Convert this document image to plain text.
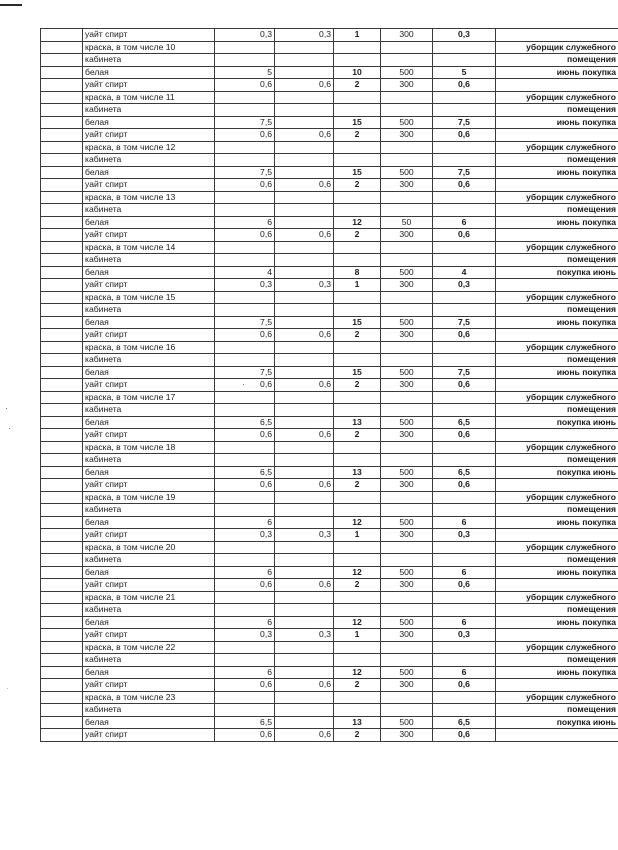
	уайт спирт	0,3	0,3	1	300	0,3	
	краска, в том числе 10						уборщик служебного
	кабинета						помещения
	белая	5		10	500	5	июнь покупка
	уайт спирт	0,6	0,6	2	300	0,6	
	краска, в том числе 11						уборщик служебного
	кабинета						помещения
	белая	7,5		15	500	7,5	июнь покупка
	уайт спирт	0,6	0,6	2	300	0,6	
	краска, в том числе 12						уборщик служебного
	кабинета						помещения
	белая	7,5		15	500	7,5	июнь покупка
	уайт спирт	0,6	0,6	2	300	0,6	
	краска, в том числе 13						уборщик служебного
	кабинета						помещения
	белая	6		12	50	6	июнь покупка
	уайт спирт	0,6	0,6	2	300	0,6	
	краска, в том числе 14						уборщик служебного
	кабинета						помещения
	белая	4		8	500	4	покупка июнь
	уайт спирт	0,3	0,3	1	300	0,3	
	краска, в том числе 15						уборщик служебного
	кабинета						помещения
	белая	7,5		15	500	7,5	июнь покупка
	уайт спирт	0,6	0,6	2	300	0,6	
	краска, в том числе 16						уборщик служебного
	кабинета						помещения
	белая	7,5		15	500	7,5	июнь покупка
	уайт спирт	0,6	0,6	2	300	0,6	
	краска, в том числе 17						уборщик служебного
	кабинета						помещения
	белая	6,5		13	500	6,5	покупка июнь
	уайт спирт	0,6	0,6	2	300	0,6	
	краска, в том числе 18						уборщик служебного
	кабинета						помещения
	белая	6,5		13	500	6,5	покупка июнь
	уайт спирт	0,6	0,6	2	300	0,6	
	краска, в том числе 19						уборщик служебного
	кабинета						помещения
	белая	6		12	500	6	июнь покупка
	уайт спирт	0,3	0,3	1	300	0,3	
	краска, в том числе 20						уборщик служебного
	кабинета						помещения
	белая	6		12	500	6	июнь покупка
	уайт спирт	0,6	0,6	2	300	0,6	
	краска, в том числе 21						уборщик служебного
	кабинета						помещения
	белая	6		12	500	6	июнь покупка
	уайт спирт	0,3	0,3	1	300	0,3	
	краска, в том числе 22						уборщик служебного
	кабинета						помещения
	белая	6		12	500	6	июнь покупка
	уайт спирт	0,6	0,6	2	300	0,6	
	краска, в том числе 23						уборщик служебного
	кабинета						помещения
	белая	6,5		13	500	6,5	покупка июнь
	уайт спирт	0,6	0,6	2	300	0,6	
